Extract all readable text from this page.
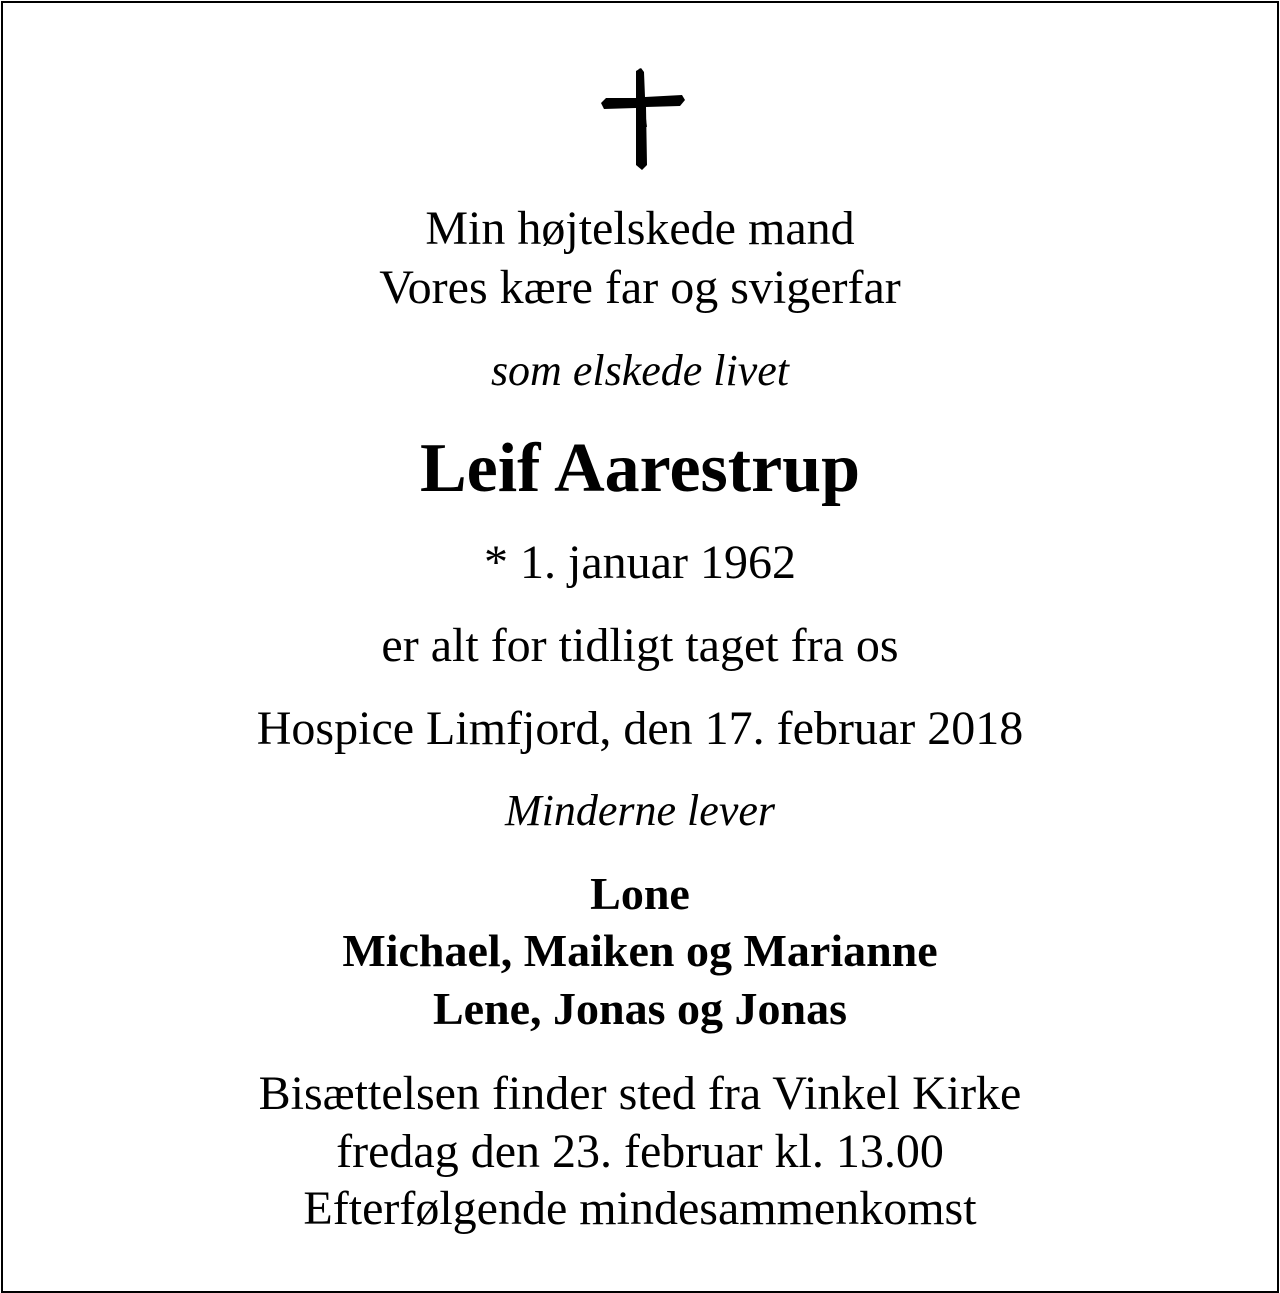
Min højtelskede mand
Vores kære far og svigerfar
som elskede livet
Leif Aarestrup
* 1. januar 1962
er alt for tidligt taget fra os
Hospice Limfjord, den 17. februar 2018
Minderne lever
Lone
Michael, Maiken og Marianne
Lene, Jonas og Jonas
Bisættelsen finder sted fra Vinkel Kirke
fredag den 23. februar kl. 13.00
Efterfølgende mindesammenkomst
